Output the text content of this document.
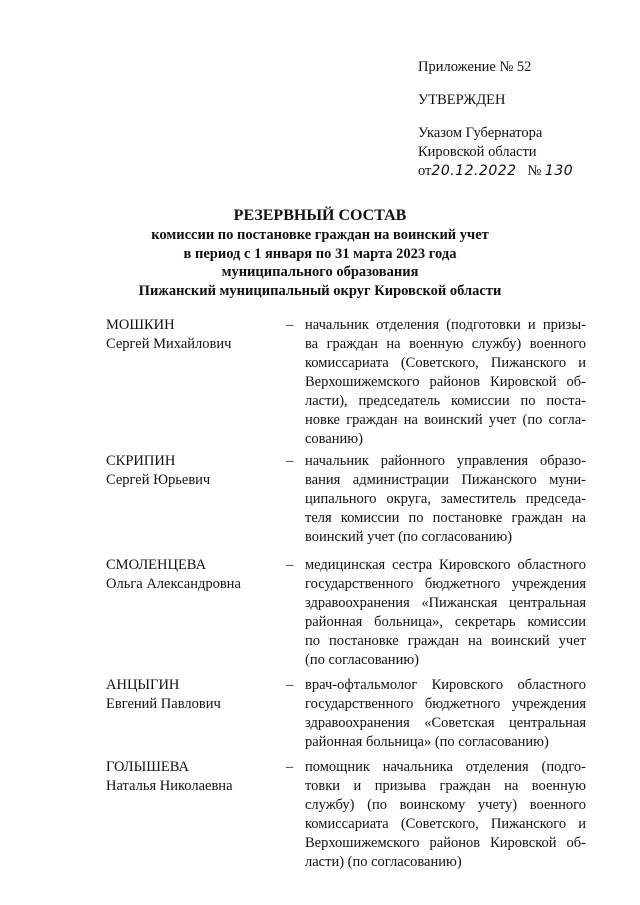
Приложение № 52
УТВЕРЖДЕН
Указом Губернатора
Кировской области
от20.12.2022 № 130
РЕЗЕРВНЫЙ СОСТАВ
комиссии по постановке граждан на воинский учет
в период с 1 января по 31 марта 2023 года
муниципального образования
Пижанский муниципальный округ Кировской области
МОШКИН
Сергей Михайлович
– начальник отделения (подготовки и призы-
ва граждан на военную службу) военного
комиссариата (Советского, Пижанского и
Верхошижемского районов Кировской об-
ласти), председатель комиссии по поста-
новке граждан на воинский учет (по согла-
сованию)
СКРИПИН
Сергей Юрьевич
– начальник районного управления образо-
вания администрации Пижанского муни-
ципального округа, заместитель председа-
теля комиссии по постановке граждан на
воинский учет (по согласованию)
СМОЛЕНЦЕВА
Ольга Александровна
– медицинская сестра Кировского областного
государственного бюджетного учреждения
здравоохранения «Пижанская центральная
районная больница», секретарь комиссии
по постановке граждан на воинский учет
(по согласованию)
АНЦЫГИН
Евгений Павлович
– врач-офтальмолог Кировского областного
государственного бюджетного учреждения
здравоохранения «Советская центральная
районная больница» (по согласованию)
ГОЛЫШЕВА
Наталья Николаевна
– помощник начальника отделения (подго-
товки и призыва граждан на военную
службу) (по воинскому учету) военного
комиссариата (Советского, Пижанского и
Верхошижемского районов Кировской об-
ласти) (по согласованию)
